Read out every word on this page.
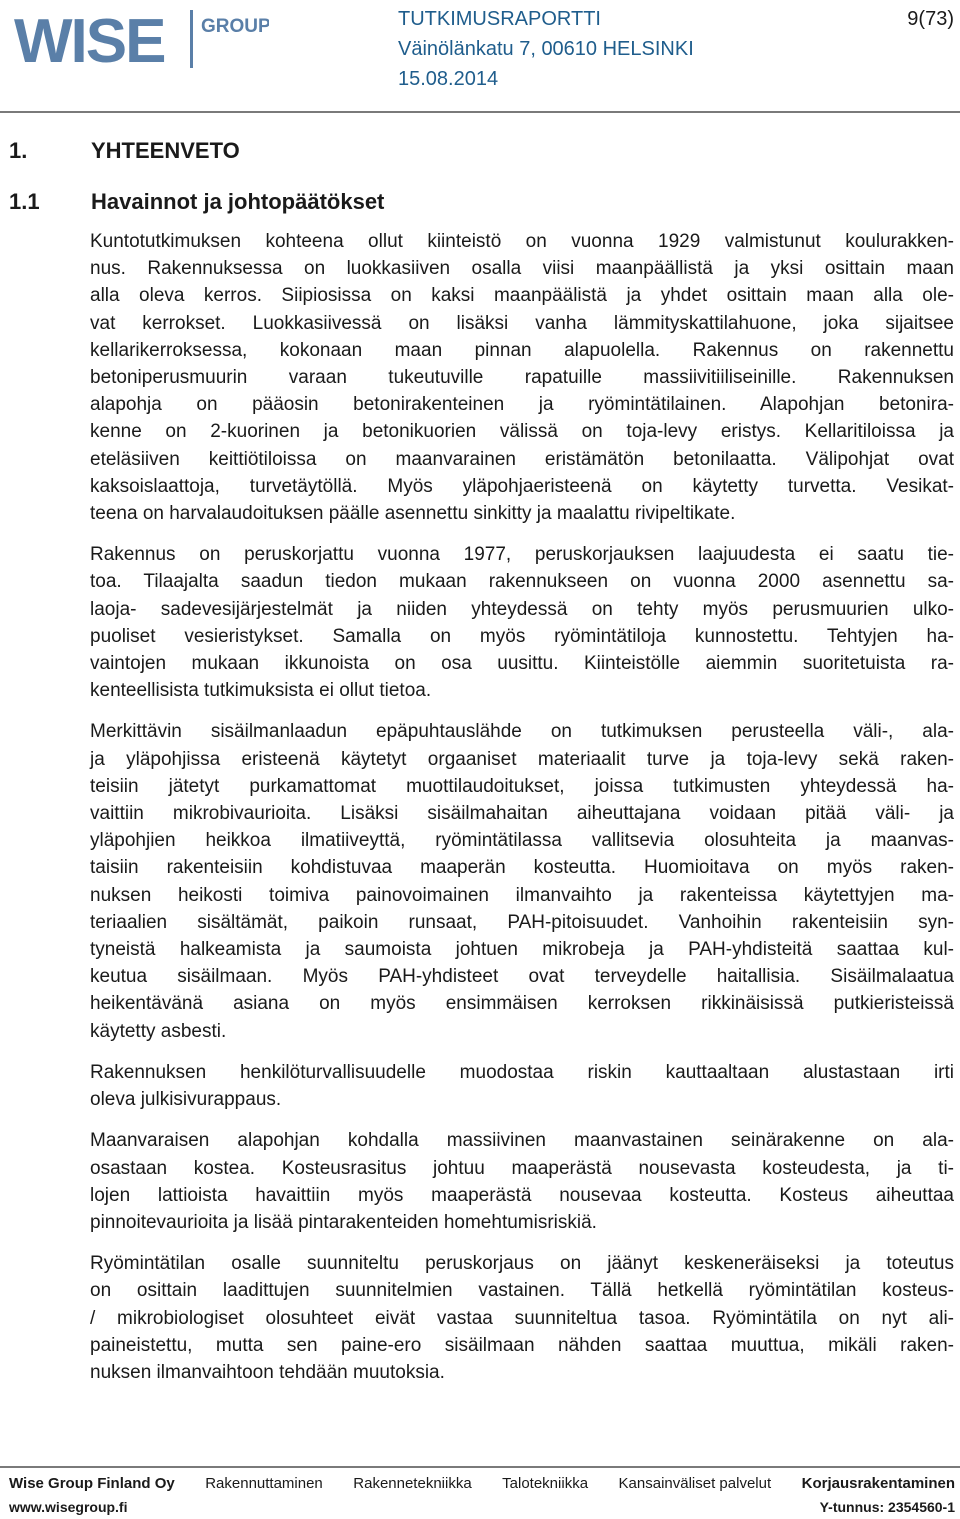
WISE GROUP	TUTKIMUSRAPORTTI	9(73)
Väinölänkatu 7, 00610 HELSINKI
15.08.2014
1.	YHTEENVETO
1.1 Havainnot ja johtopäätökset
Kuntotutkimuksen kohteena ollut kiinteistö on vuonna 1929 valmistunut koulurakken-
nus. Rakennuksessa on luokkasiiven osalla viisi maanpäällistä ja yksi osittain maan
alla oleva kerros. Siipiosissa on kaksi maanpäälistä ja yhdet osittain maan alla ole-
vat kerrokset. Luokkasiivessä on lisäksi vanha lämmityskattilahuone, joka sijaitsee
kellarikerroksessa, kokonaan maan pinnan alapuolella. Rakennus on rakennettu
betoniperusmuurin varaan tukeutuville rapatuille massiivitiiliseinille. Rakennuksen
alapohja on pääosin betonirakenteinen ja ryömintätilainen. Alapohjan betonira-
kenne on 2-kuorinen ja betonikuorien välissä on toja-levy eristys. Kellaritiloissa ja
eteläsiiven keittiötiloissa on maanvarainen eristämätön betonilaatta. Välipohjat ovat
kaksoislaattoja, turvetäytöllä. Myös yläpohjaeristeenä on käytetty turvetta. Vesikat-
teena on harvalaudoituksen päälle asennettu sinkitty ja maalattu rivipeltikate.
Rakennus on peruskorjattu vuonna 1977, peruskorjauksen laajuudesta ei saatu tie-
toa. Tilaajalta saadun tiedon mukaan rakennukseen on vuonna 2000 asennettu sa-
laoja- sadevesijärjestelmät ja niiden yhteydessä on tehty myös perusmuurien ulko-
puoliset vesieristykset. Samalla on myös ryömintätiloja kunnostettu. Tehtyjen ha-
vaintojen mukaan ikkunoista on osa uusittu. Kiinteistölle aiemmin suoritetuista ra-
kenteellisista tutkimuksista ei ollut tietoa.
Merkittävin sisäilmanlaadun epäpuhtauslähde on tutkimuksen perusteella väli-, ala-
ja yläpohjissa eristeenä käytetyt orgaaniset materiaalit turve ja toja-levy sekä raken-
teisiin jätetyt purkamattomat muottilaudoitukset, joissa tutkimusten yhteydessä ha-
vaittiin mikrobivaurioita. Lisäksi sisäilmahaitan aiheuttajana voidaan pitää väli- ja
yläpohjien heikkoa ilmatiiveyttä, ryömintätilassa vallitsevia olosuhteita ja maanvas-
taisiin rakenteisiin kohdistuvaa maaperän kosteutta. Huomioitava on myös raken-
nuksen heikosti toimiva painovoimainen ilmanvaihto ja rakenteissa käytettyjen ma-
teriaalien sisältämät, paikoin runsaat, PAH-pitoisuudet. Vanhoihin rakenteisiin syn-
tyneistä halkeamista ja saumoista johtuen mikrobeja ja PAH-yhdisteitä saattaa kul-
keutua sisäilmaan. Myös PAH-yhdisteet ovat terveydelle haitallisia. Sisäilmalaatua
heikentävänä asiana on myös ensimmäisen kerroksen rikkinäisissä putkieristeissä
käytetty asbesti.
Rakennuksen henkilöturvallisuudelle muodostaa riskin kauttaaltaan alustastaan irti
oleva julkisivurappaus.
Maanvaraisen alapohjan kohdalla massiivinen maanvastainen seinärakenne on ala-
osastaan kostea. Kosteusrasitus johtuu maaperästä nousevasta kosteudesta, ja ti-
lojen lattioista havaittiin myös maaperästä nousevaa kosteutta. Kosteus aiheuttaa
pinnoitevaurioita ja lisää pintarakenteiden homehtumisriskiä.
Ryömintätilan osalle suunniteltu peruskorjaus on jäänyt keskeneräiseksi ja toteutus
on osittain laadittujen suunnitelmien vastainen. Tällä hetkellä ryömintätilan kosteus-
/ mikrobiologiset olosuhteet eivät vastaa suunniteltua tasoa. Ryömintätila on nyt ali-
paineistettu, mutta sen paine-ero sisäilmaan nähden saattaa muuttua, mikäli raken-
nuksen ilmanvaihtoon tehdään muutoksia.
Wise Group Finland Oy Rakennuttaminen Rakennetekniikka Talotekniikka Kansainväliset palvelut Korjausrakentaminen
www.wisegroup.fi	Y-tunnus: 2354560-1
